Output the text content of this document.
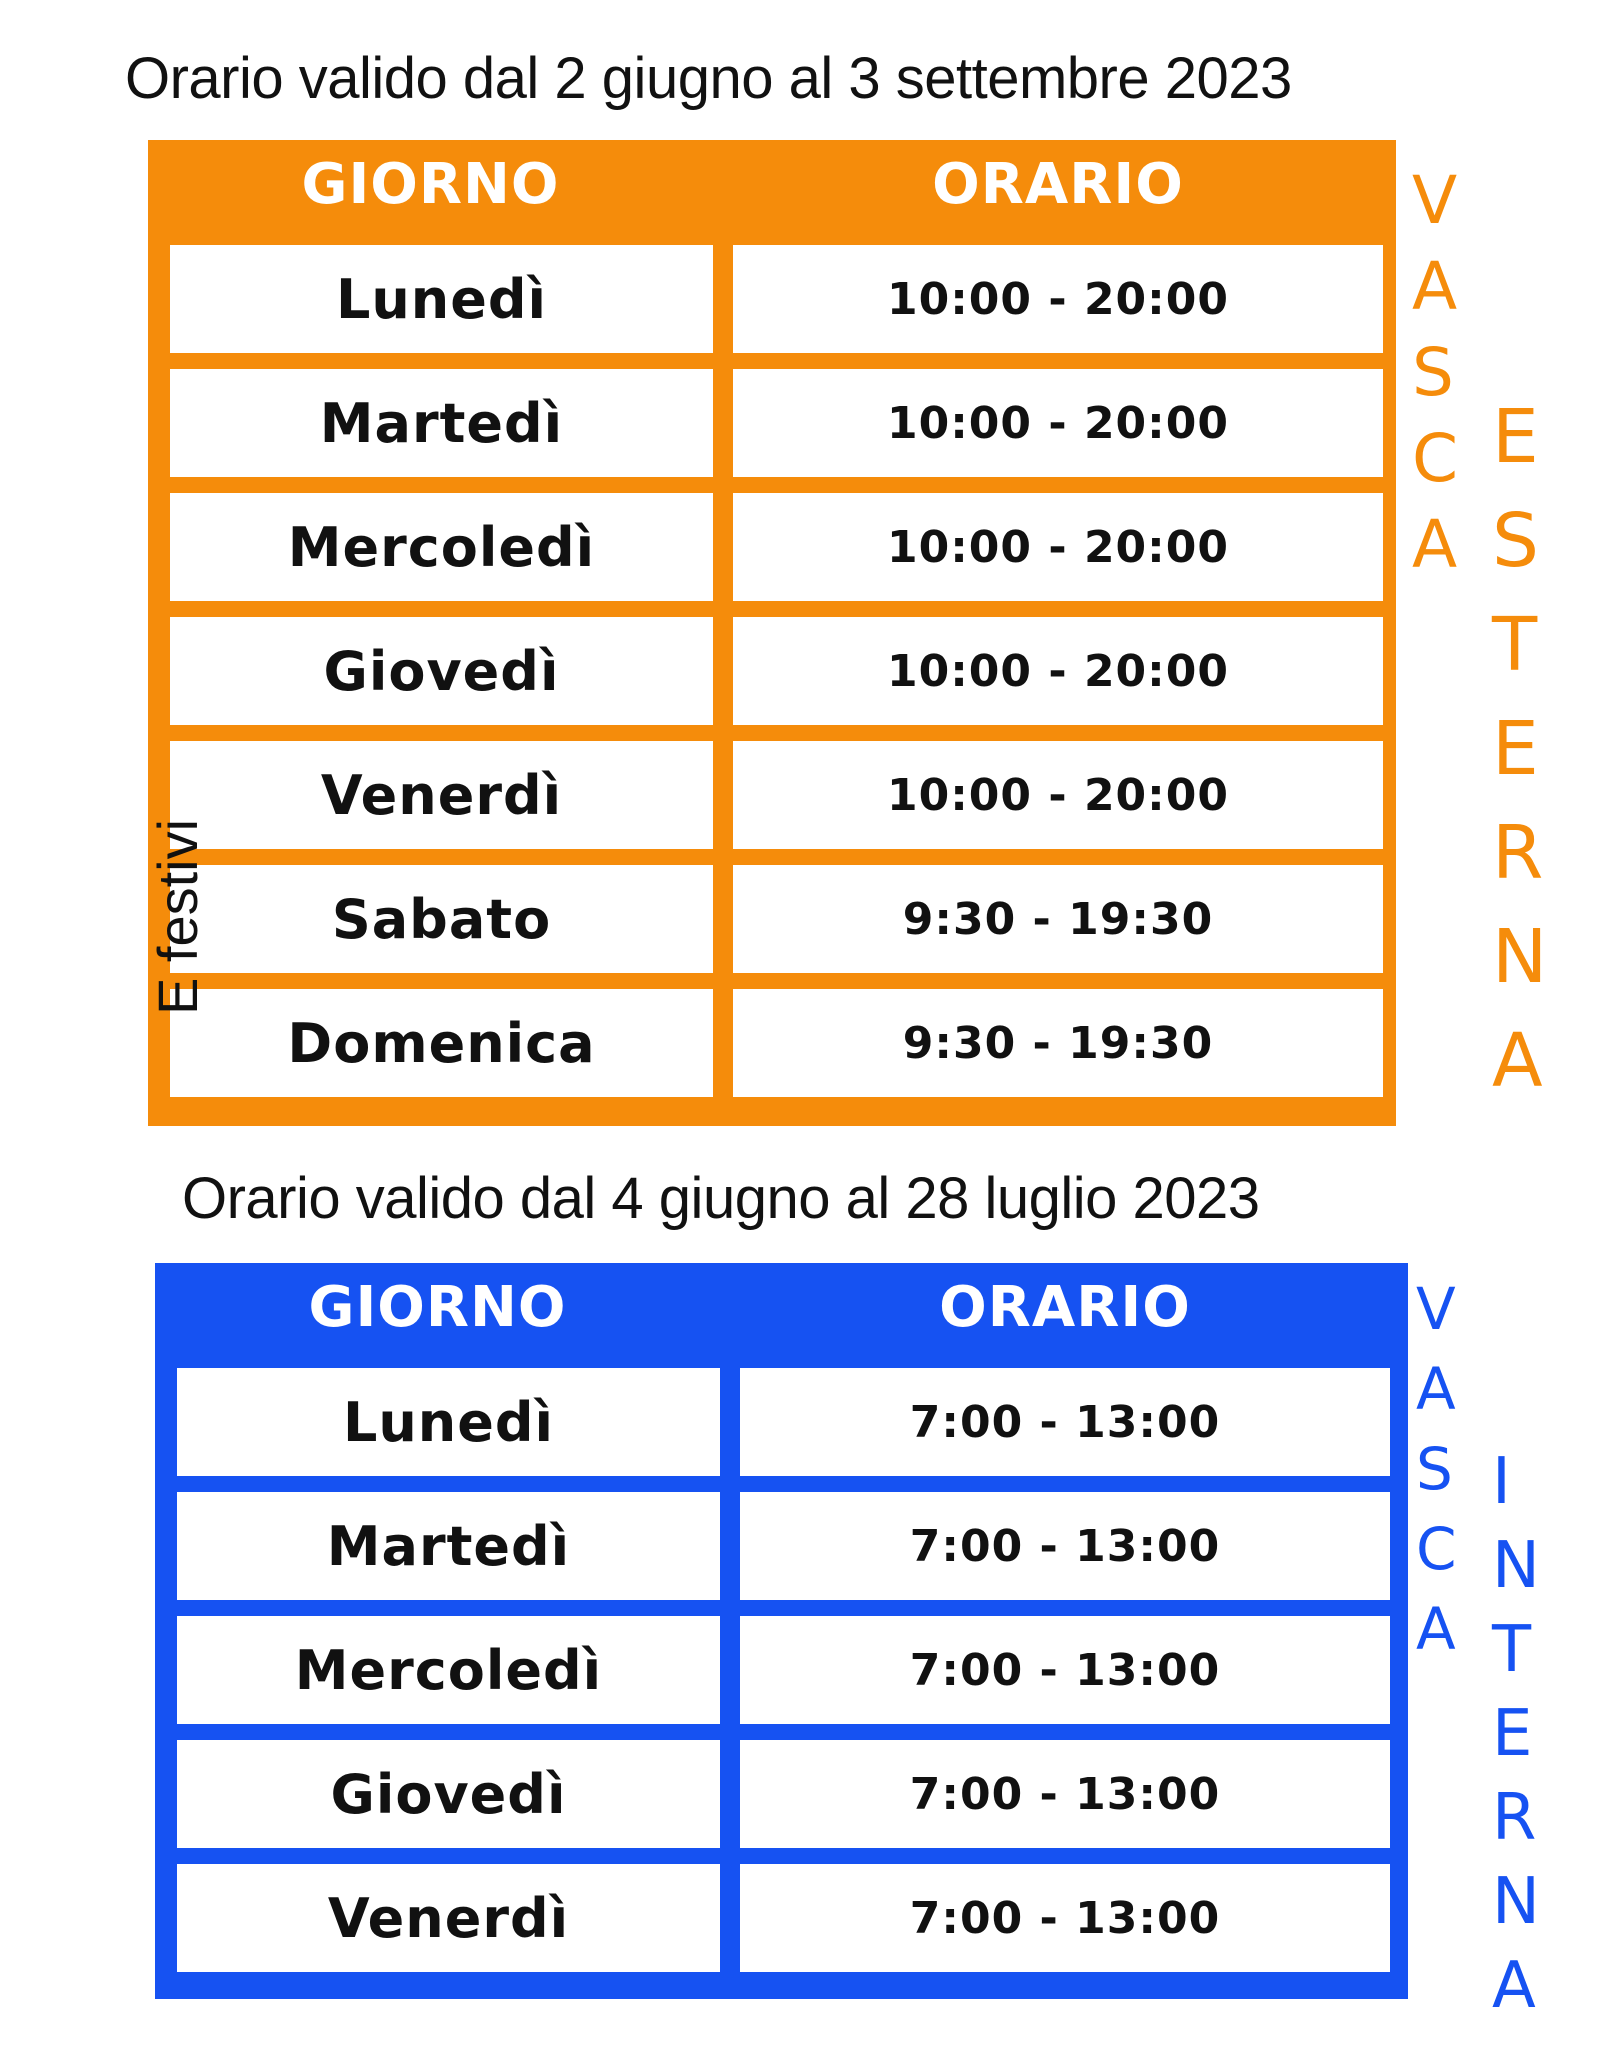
Orario valido dal 2 giugno al 3 settembre 2023
GIORNO	ORARIO
Lunedì	10:00 - 20:00
Martedì	10:00 - 20:00
Mercoledì	10:00 - 20:00
Giovedì	10:00 - 20:00
Venerdì	10:00 - 20:00
Sabato	9:30 - 19:30
Domenica	9:30 - 19:30
E festivi
V
A
S
C
A
E
S
T
E
R
N
A
Orario valido dal 4 giugno al 28 luglio 2023
GIORNO	ORARIO
Lunedì	7:00 - 13:00
Martedì	7:00 - 13:00
Mercoledì	7:00 - 13:00
Giovedì	7:00 - 13:00
Venerdì	7:00 - 13:00
V
A
S
C
A
I
N
T
E
R
N
A
